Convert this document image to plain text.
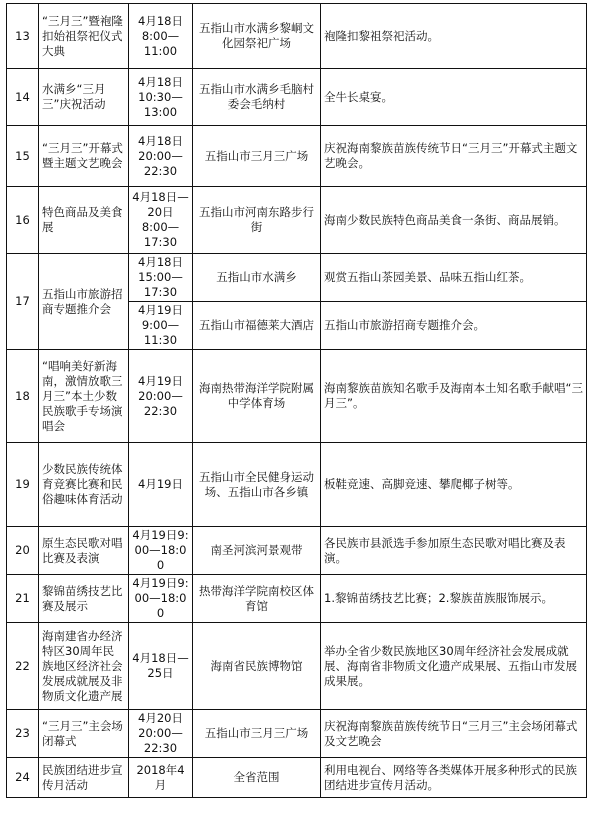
13	“三月三”暨袍隆扣始祖祭祀仪式大典	4月18日
8:00—
11:00	五指山市水满乡黎峒文化园祭祀广场	袍隆扣黎祖祭祀活动。
14	水满乡“三月三”庆祝活动	4月18日
10:30—
13:00	五指山市水满乡毛脑村委会毛纳村	全牛长桌宴。
15	“三月三”开幕式暨主题文艺晚会	4月18日
20:00—
22:30	五指山市三月三广场	庆祝海南黎族苗族传统节日“三月三”开幕式主题文艺晚会。
16	特色商品及美食展	4月18日—
20日
8:00—
17:30	五指山市河南东路步行街	海南少数民族特色商品美食一条街、商品展销。
17	五指山市旅游招商专题推介会	4月18日
15:00—
17:30	五指山市水满乡	观赏五指山茶园美景、品味五指山红茶。
		4月19日
9:00—
11:30	五指山市福德莱大酒店	五指山市旅游招商专题推介会。
18	“唱响美好新海南，激情放歌三月三”本土少数民族歌手专场演唱会	4月19日
20:00—
22:30	海南热带海洋学院附属中学体育场	海南黎族苗族知名歌手及海南本土知名歌手献唱“三月三”。
19	少数民族传统体育竞赛比赛和民俗趣味体育活动	4月19日	五指山市全民健身运动场、五指山市各乡镇	板鞋竞速、高脚竞速、攀爬椰子树等。
20	原生态民歌对唱比赛及表演	4月19日9:00—18:00	南圣河滨河景观带	各民族市县派选手参加原生态民歌对唱比赛及表演。
21	黎锦苗绣技艺比赛及展示	4月19日9:00—18:00	热带海洋学院南校区体育馆	1.黎锦苗绣技艺比赛；2.黎族苗族服饰展示。
22	海南建省办经济特区30周年民族地区经济社会发展成就展及非物质文化遗产展	4月18日—25日	海南省民族博物馆	举办全省少数民族地区30周年经济社会发展成就展、海南省非物质文化遗产成果展、五指山市发展成果展。
23	“三月三”主会场闭幕式	4月20日
20:00—
22:30	五指山市三月三广场	庆祝海南黎族苗族传统节日“三月三”主会场闭幕式及文艺晚会
24	民族团结进步宣传月活动	2018年4月	全省范围	利用电视台、网络等各类媒体开展多种形式的民族团结进步宣传月活动。
